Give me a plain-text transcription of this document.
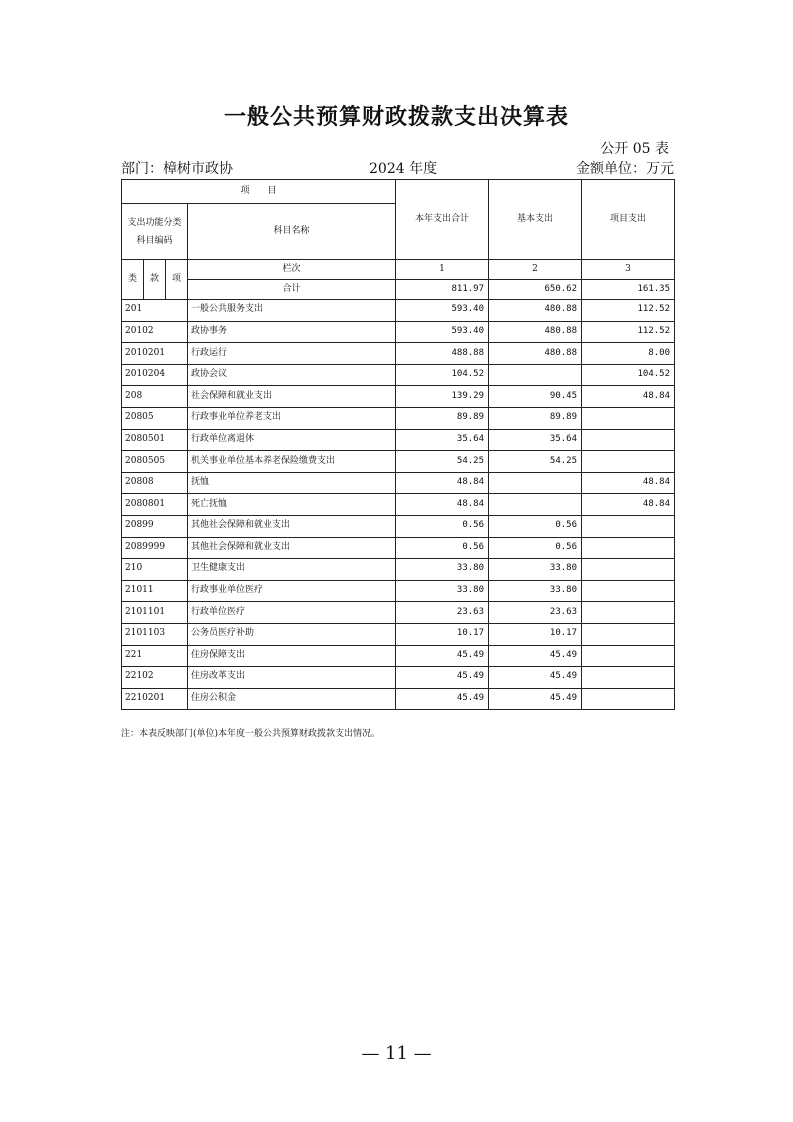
一般公共预算财政拨款支出决算表
公开 05 表
部门：樟树市政协	2024 年度	金额单位：万元
项　　目				本年支出合计	基本支出	项目支出
支出功能分类科目编码			科目名称			
类	款	项	栏次	1	2	3
			合计	811.97	650.62	161.35
201			一般公共服务支出	593.40	480.88	112.52
20102			政协事务	593.40	480.88	112.52
2010201			行政运行	488.88	480.88	8.00
2010204			政协会议	104.52		104.52
208			社会保障和就业支出	139.29	90.45	48.84
20805			行政事业单位养老支出	89.89	89.89	
2080501			行政单位离退休	35.64	35.64	
2080505			机关事业单位基本养老保险缴费支出	54.25	54.25	
20808			抚恤	48.84		48.84
2080801			死亡抚恤	48.84		48.84
20899			其他社会保障和就业支出	0.56	0.56	
2089999			其他社会保障和就业支出	0.56	0.56	
210			卫生健康支出	33.80	33.80	
21011			行政事业单位医疗	33.80	33.80	
2101101			行政单位医疗	23.63	23.63	
2101103			公务员医疗补助	10.17	10.17	
221			住房保障支出	45.49	45.49	
22102			住房改革支出	45.49	45.49	
2210201			住房公积金	45.49	45.49	
注：本表反映部门(单位)本年度一般公共预算财政拨款支出情况。
— 11 —
